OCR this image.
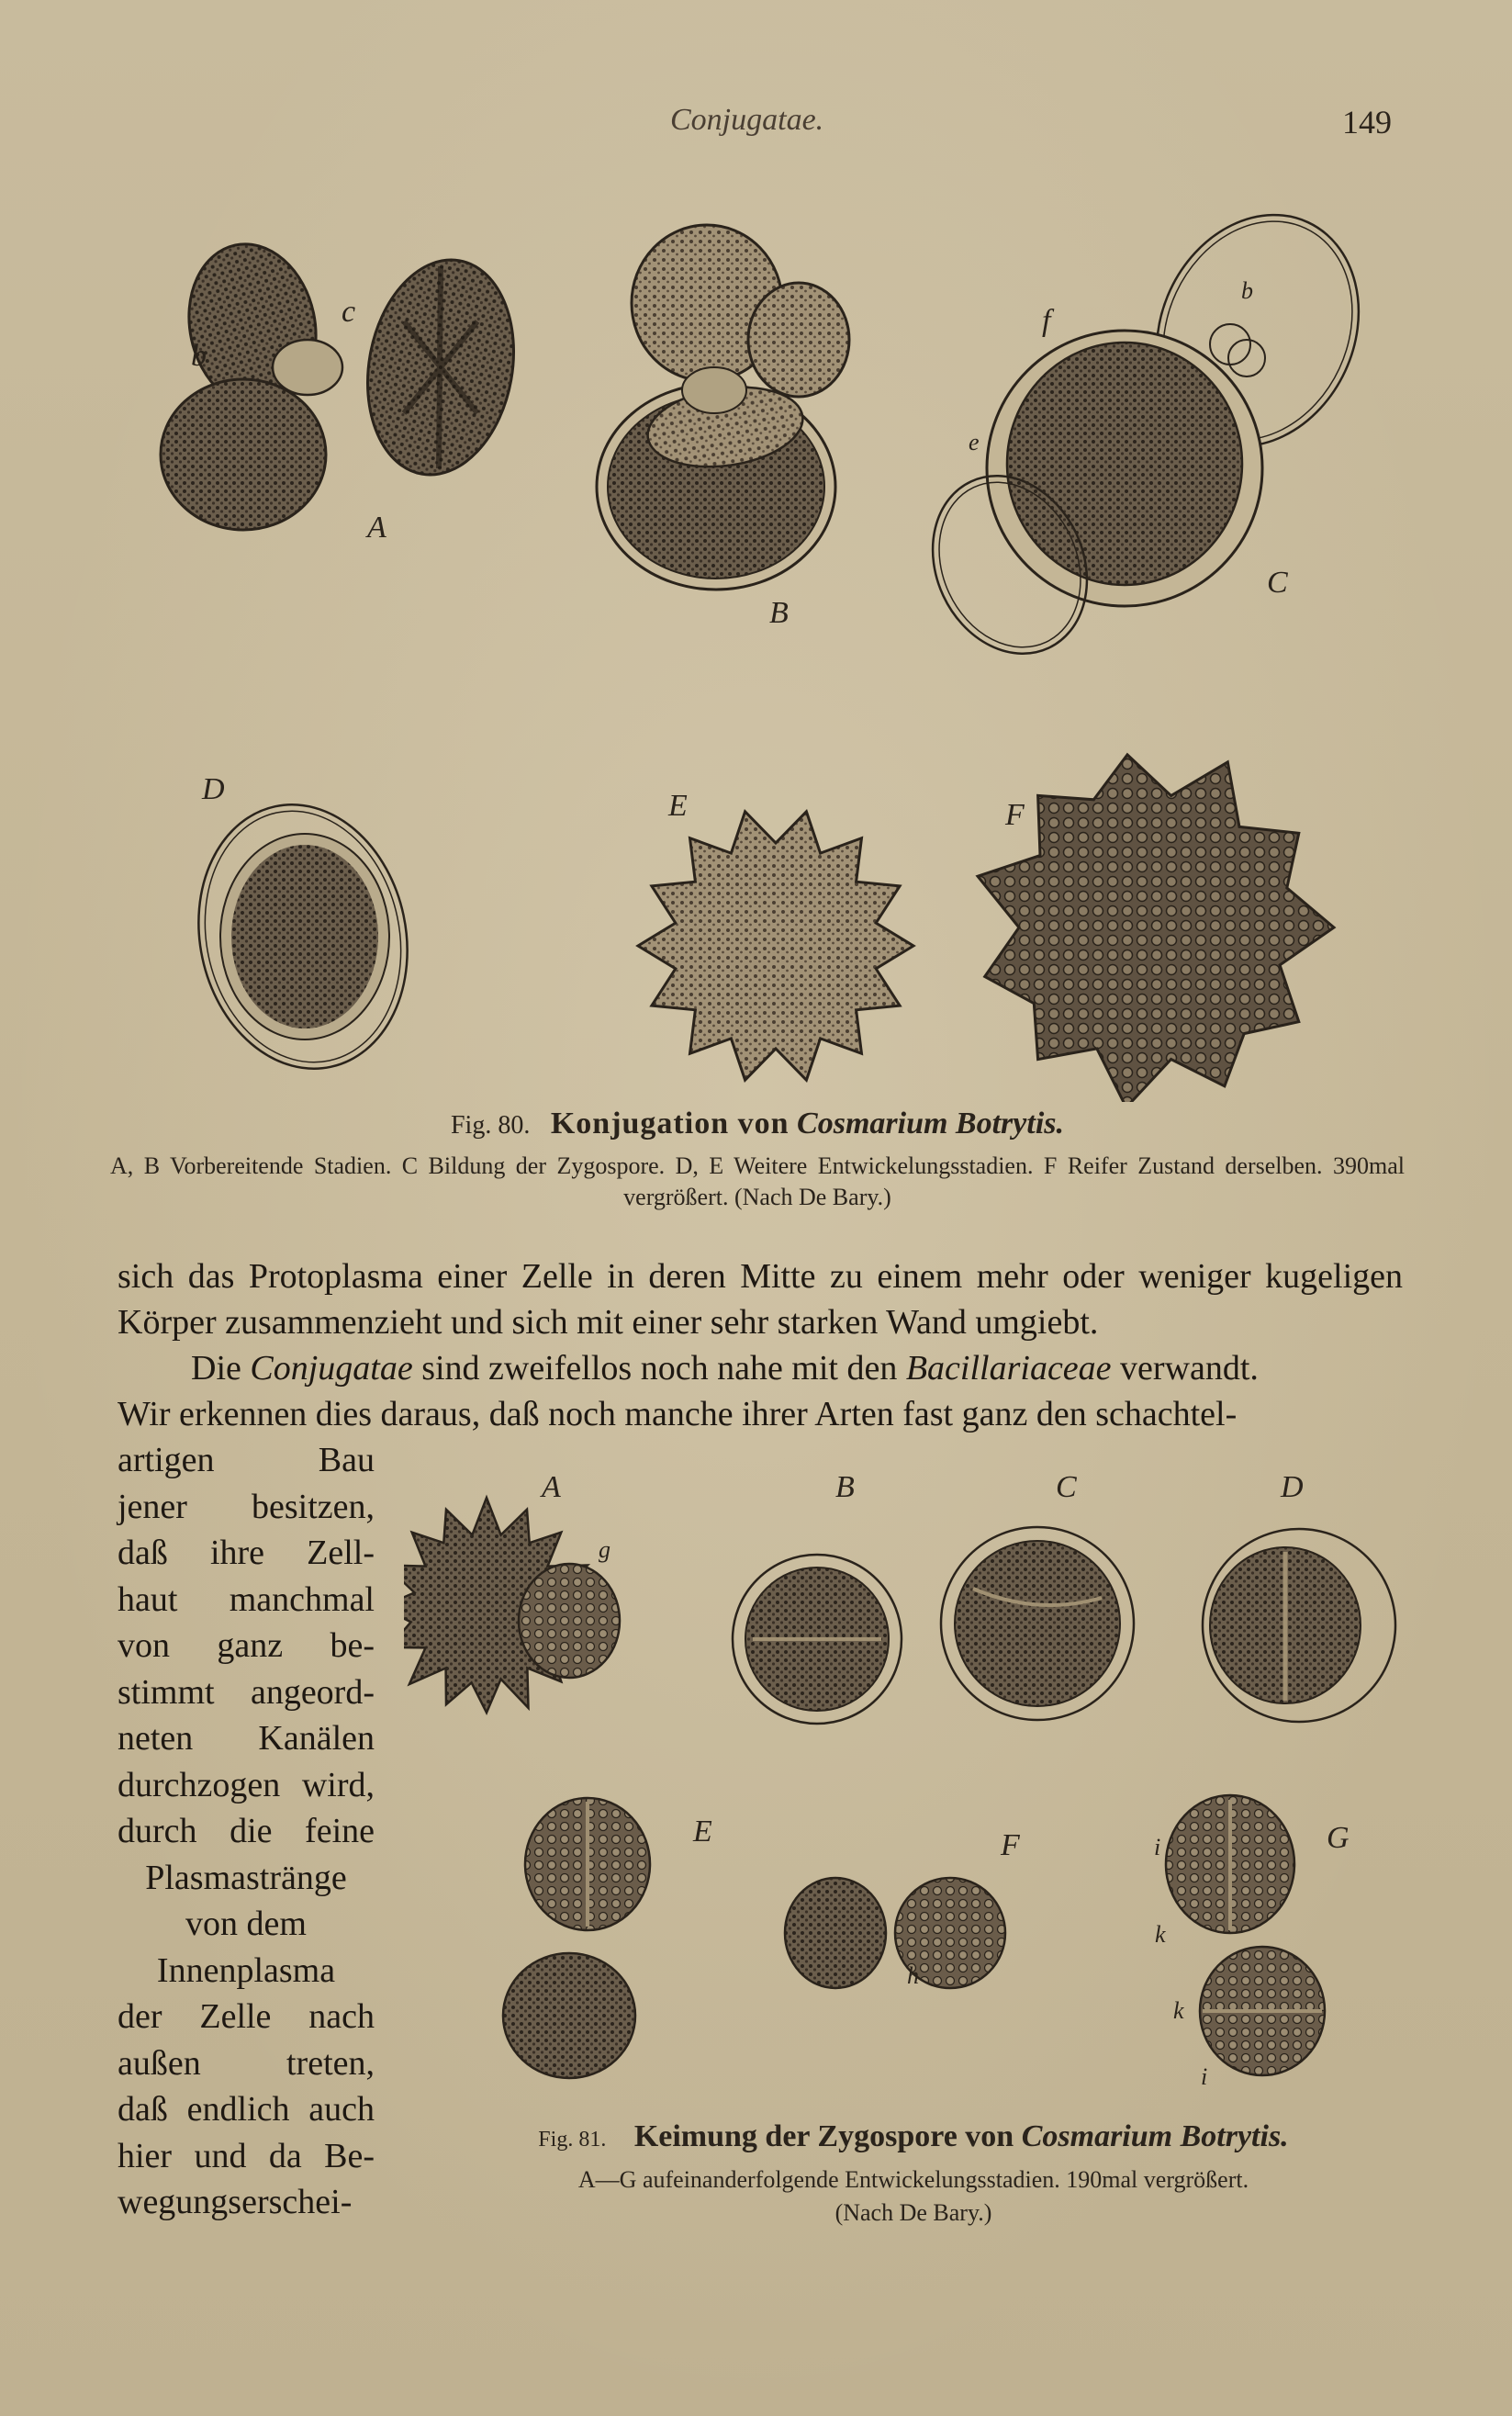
Conjugatae.	149
b
c
A
B
f
b
e
C
D	E	F
Fig. 80. Konjugation von Cosmarium Botrytis.
A, B Vorbereitende Stadien. C Bildung der Zygospore. D, E Weitere Entwickelungsstadien. F Reifer Zustand derselben. 390mal vergrößert. (Nach De Bary.)
sich das Protoplasma einer Zelle in deren Mitte zu einem mehr oder weniger kugeligen Körper zusammenzieht und sich mit einer sehr starken Wand umgiebt.
Die Conjugatae sind zweifellos noch nahe mit den Bacillariaceae verwandt.
Wir erkennen dies daraus, daß noch manche ihrer Arten fast ganz den schachtel-
artigen Bau
jener besitzen,
daß ihre Zell-
haut manchmal
von ganz be-
stimmt angeord-
neten Kanälen
durchzogen wird,
durch die feine
Plasmastränge
von dem
Innenplasma
der Zelle nach
außen treten,
daß endlich auch
hier und da Be-
wegungserschei-
A
g
B	C	D
E	F
h
G
i
k
k
i
Fig. 81. Keimung der Zygospore von Cosmarium Botrytis.
A—G aufeinanderfolgende Entwickelungsstadien. 190mal vergrößert.
(Nach De Bary.)
